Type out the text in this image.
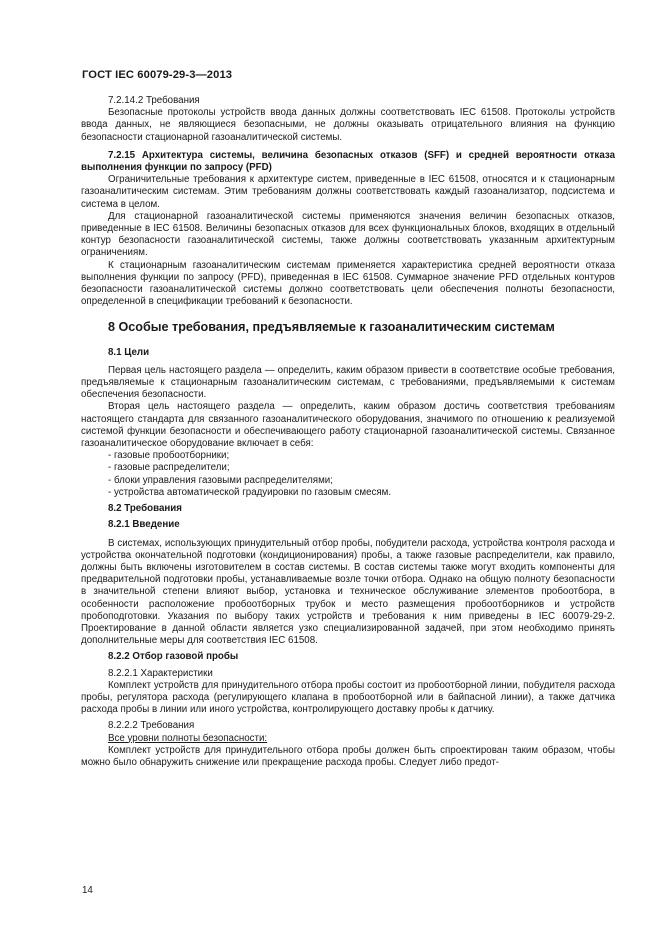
ГОСТ IEC 60079-29-3—2013

7.2.14.2 Требования

Безопасные протоколы устройств ввода данных должны соответствовать IEC 61508. Протоколы устройств ввода данных, не являющиеся безопасными, не должны оказывать отрицательного влияния на функцию безопасности стационарной газоаналитической системы.

7.2.15 Архитектура системы, величина безопасных отказов (SFF) и средней вероятности отказа выполнения функции по запросу (PFD)

Ограничительные требования к архитектуре систем, приведенные в IEC 61508, относятся и к стационарным газоаналитическим системам. Этим требованиям должны соответствовать каждый газоанализатор, подсистема и система в целом.

Для стационарной газоаналитической системы применяются значения величин безопасных отказов, приведенные в IEC 61508. Величины безопасных отказов для всех функциональных блоков, входящих в отдельный контур безопасности газоаналитической системы, также должны соответствовать указанным архитектурным ограничениям.

К стационарным газоаналитическим системам применяется характеристика средней вероятности отказа выполнения функции по запросу (PFD), приведенная в IEC 61508. Суммарное значение PFD отдельных контуров безопасности газоаналитической системы должно соответствовать цели обеспечения полноты безопасности, определенной в спецификации требований к безопасности.

8 Особые требования, предъявляемые к газоаналитическим системам

8.1 Цели

Первая цель настоящего раздела — определить, каким образом привести в соответствие особые требования, предъявляемые к стационарным газоаналитическим системам, с требованиями, предъявляемыми к системам обеспечения безопасности.

Вторая цель настоящего раздела — определить, каким образом достичь соответствия требованиям настоящего стандарта для связанного газоаналитического оборудования, значимого по отношению к реализуемой системой функции безопасности и обеспечивающего работу стационарной газоаналитической системы. Связанное газоаналитическое оборудование включает в себя:

- газовые пробоотборники;

- газовые распределители;

- блоки управления газовыми распределителями;

- устройства автоматической градуировки по газовым смесям.

8.2 Требования

8.2.1 Введение

В системах, использующих принудительный отбор пробы, побудители расхода, устройства контроля расхода и устройства окончательной подготовки (кондиционирования) пробы, а также газовые распределители, как правило, должны быть включены изготовителем в состав системы. В состав системы также могут входить компоненты для предварительной подготовки пробы, устанавливаемые возле точки отбора. Однако на общую полноту безопасности в значительной степени влияют выбор, установка и техническое обслуживание элементов пробоотбора, в особенности расположение пробоотборных трубок и место размещения пробоотборников и устройств пробоподготовки. Указания по выбору таких устройств и требования к ним приведены в IEC 60079-29-2. Проектирование в данной области является узко специализированной задачей, при этом необходимо принять дополнительные меры для соответствия IEC 61508.

8.2.2 Отбор газовой пробы

8.2.2.1 Характеристики

Комплект устройств для принудительного отбора пробы состоит из пробоотборной линии, побудителя расхода пробы, регулятора расхода (регулирующего клапана в пробоотборной или в байпасной линии), а также датчика расхода пробы в линии или иного устройства, контролирующего доставку пробы к датчику.

8.2.2.2 Требования

Все уровни полноты безопасности:

Комплект устройств для принудительного отбора пробы должен быть спроектирован таким образом, чтобы можно было обнаружить снижение или прекращение расхода пробы. Следует либо предот-

14
